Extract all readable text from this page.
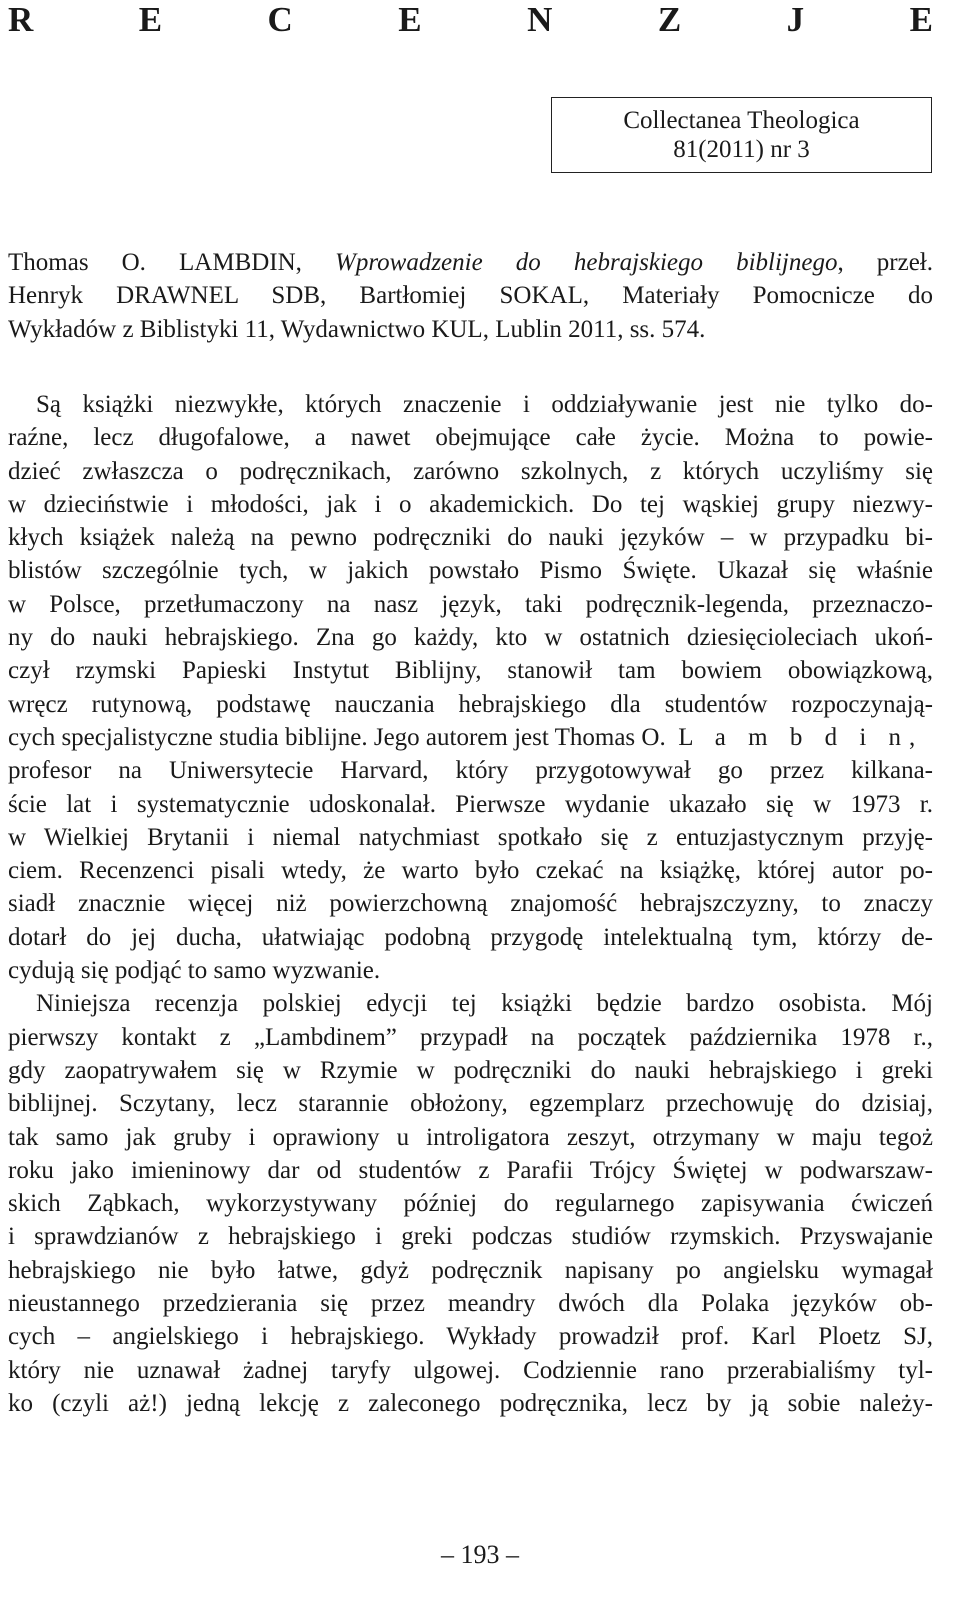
R	E	C	E	N	Z	J	E
Collectanea Theologica
81(2011) nr 3
Thomas O. LAMBDIN, Wprowadzenie do hebrajskiego biblijnego, przeł.
Henryk DRAWNEL SDB, Bartłomiej SOKAL, Materiały Pomocnicze do
Wykładów z Biblistyki 11, Wydawnictwo KUL, Lublin 2011, ss. 574.
Są książki niezwykłe, których znaczenie i oddziaływanie jest nie tylko do-
raźne, lecz długofalowe, a nawet obejmujące całe życie. Można to powie-
dzieć zwłaszcza o podręcznikach, zarówno szkolnych, z których uczyliśmy się
w dzieciństwie i młodości, jak i o akademickich. Do tej wąskiej grupy niezwy-
kłych książek należą na pewno podręczniki do nauki języków – w przypadku bi-
blistów szczególnie tych, w jakich powstało Pismo Święte. Ukazał się właśnie
w Polsce, przetłumaczony na nasz język, taki podręcznik-legenda, przeznaczo-
ny do nauki hebrajskiego. Zna go każdy, kto w ostatnich dziesięcioleciach ukoń-
czył rzymski Papieski Instytut Biblijny, stanowił tam bowiem obowiązkową,
wręcz rutynową, podstawę nauczania hebrajskiego dla studentów rozpoczynają-
cych specjalistyczne studia biblijne. Jego autorem jest Thomas O. L a m b d i n,
profesor na Uniwersytecie Harvard, który przygotowywał go przez kilkana-
ście lat i systematycznie udoskonalał. Pierwsze wydanie ukazało się w 1973 r.
w Wielkiej Brytanii i niemal natychmiast spotkało się z entuzjastycznym przyję-
ciem. Recenzenci pisali wtedy, że warto było czekać na książkę, której autor po-
siadł znacznie więcej niż powierzchowną znajomość hebrajszczyzny, to znaczy
dotarł do jej ducha, ułatwiając podobną przygodę intelektualną tym, którzy de-
cydują się podjąć to samo wyzwanie.
Niniejsza recenzja polskiej edycji tej książki będzie bardzo osobista. Mój
pierwszy kontakt z „Lambdinem” przypadł na początek października 1978 r.,
gdy zaopatrywałem się w Rzymie w podręczniki do nauki hebrajskiego i greki
biblijnej. Sczytany, lecz starannie obłożony, egzemplarz przechowuję do dzisiaj,
tak samo jak gruby i oprawiony u introligatora zeszyt, otrzymany w maju tegoż
roku jako imieninowy dar od studentów z Parafii Trójcy Świętej w podwarszaw-
skich Ząbkach, wykorzystywany później do regularnego zapisywania ćwiczeń
i sprawdzianów z hebrajskiego i greki podczas studiów rzymskich. Przyswajanie
hebrajskiego nie było łatwe, gdyż podręcznik napisany po angielsku wymagał
nieustannego przedzierania się przez meandry dwóch dla Polaka języków ob-
cych – angielskiego i hebrajskiego. Wykłady prowadził prof. Karl Ploetz SJ,
który nie uznawał żadnej taryfy ulgowej. Codziennie rano przerabialiśmy tyl-
ko (czyli aż!) jedną lekcję z zaleconego podręcznika, lecz by ją sobie należy-
– 193 –
